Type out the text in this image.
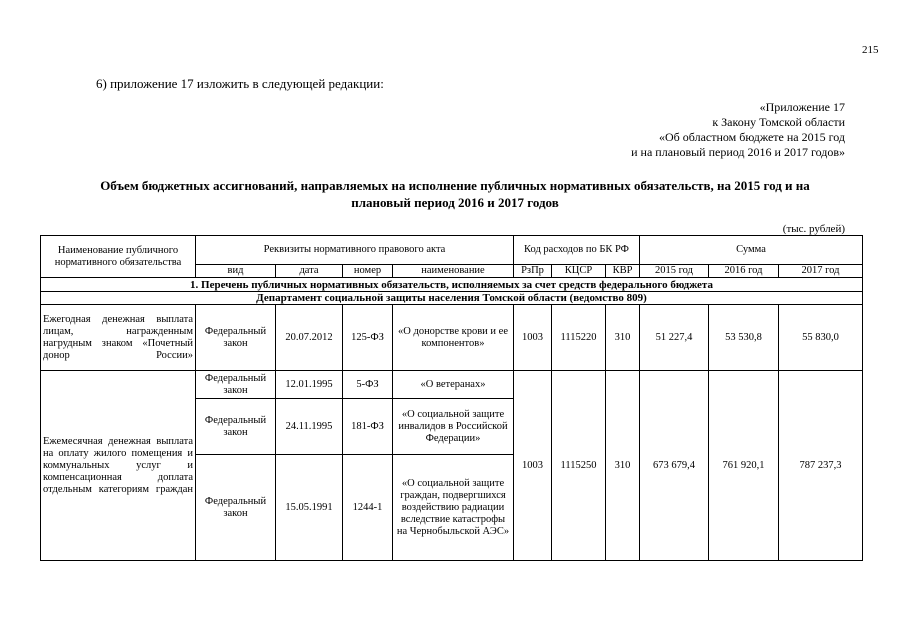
215
6) приложение 17 изложить в следующей редакции:
«Приложение 17
к Закону Томской области
«Об областном бюджете на 2015 год
и на плановый период 2016 и 2017 годов»
Объем бюджетных ассигнований, направляемых на исполнение публичных нормативных обязательств, на 2015 год и на
плановый период 2016 и 2017 годов
(тыс. рублей)
Наименование публичного нормативного обязательства	Реквизиты нормативного правового акта				Код расходов по БК РФ			Сумма		
	вид	дата	номер	наименование	РзПр	КЦСР	КВР	2015 год	2016 год	2017 год
1. Перечень публичных нормативных обязательств, исполняемых за счет средств федерального бюджета										
Департамент социальной защиты населения Томской области (ведомство 809)										
Ежегодная денежная выплата лицам, награжденным нагрудным знаком «Почетный донор России»	Федеральный закон	20.07.2012	125-ФЗ	«О донорстве крови и ее компонентов»	1003	1115220	310	51 227,4	53 530,8	55 830,0
Ежемесячная денежная выплата на оплату жилого помещения и коммунальных услуг и компенсационная доплата отдельным категориям граждан	Федеральный закон	12.01.1995	5-ФЗ	«О ветеранах»	1003	1115250	310	673 679,4	761 920,1	787 237,3
	Федеральный закон	24.11.1995	181-ФЗ	«О социальной защите инвалидов в Российской Федерации»						
	Федеральный закон	15.05.1991	1244-1	«О социальной защите граждан, подвергшихся воздействию радиации вследствие катастрофы на Чернобыльской АЭС»						
